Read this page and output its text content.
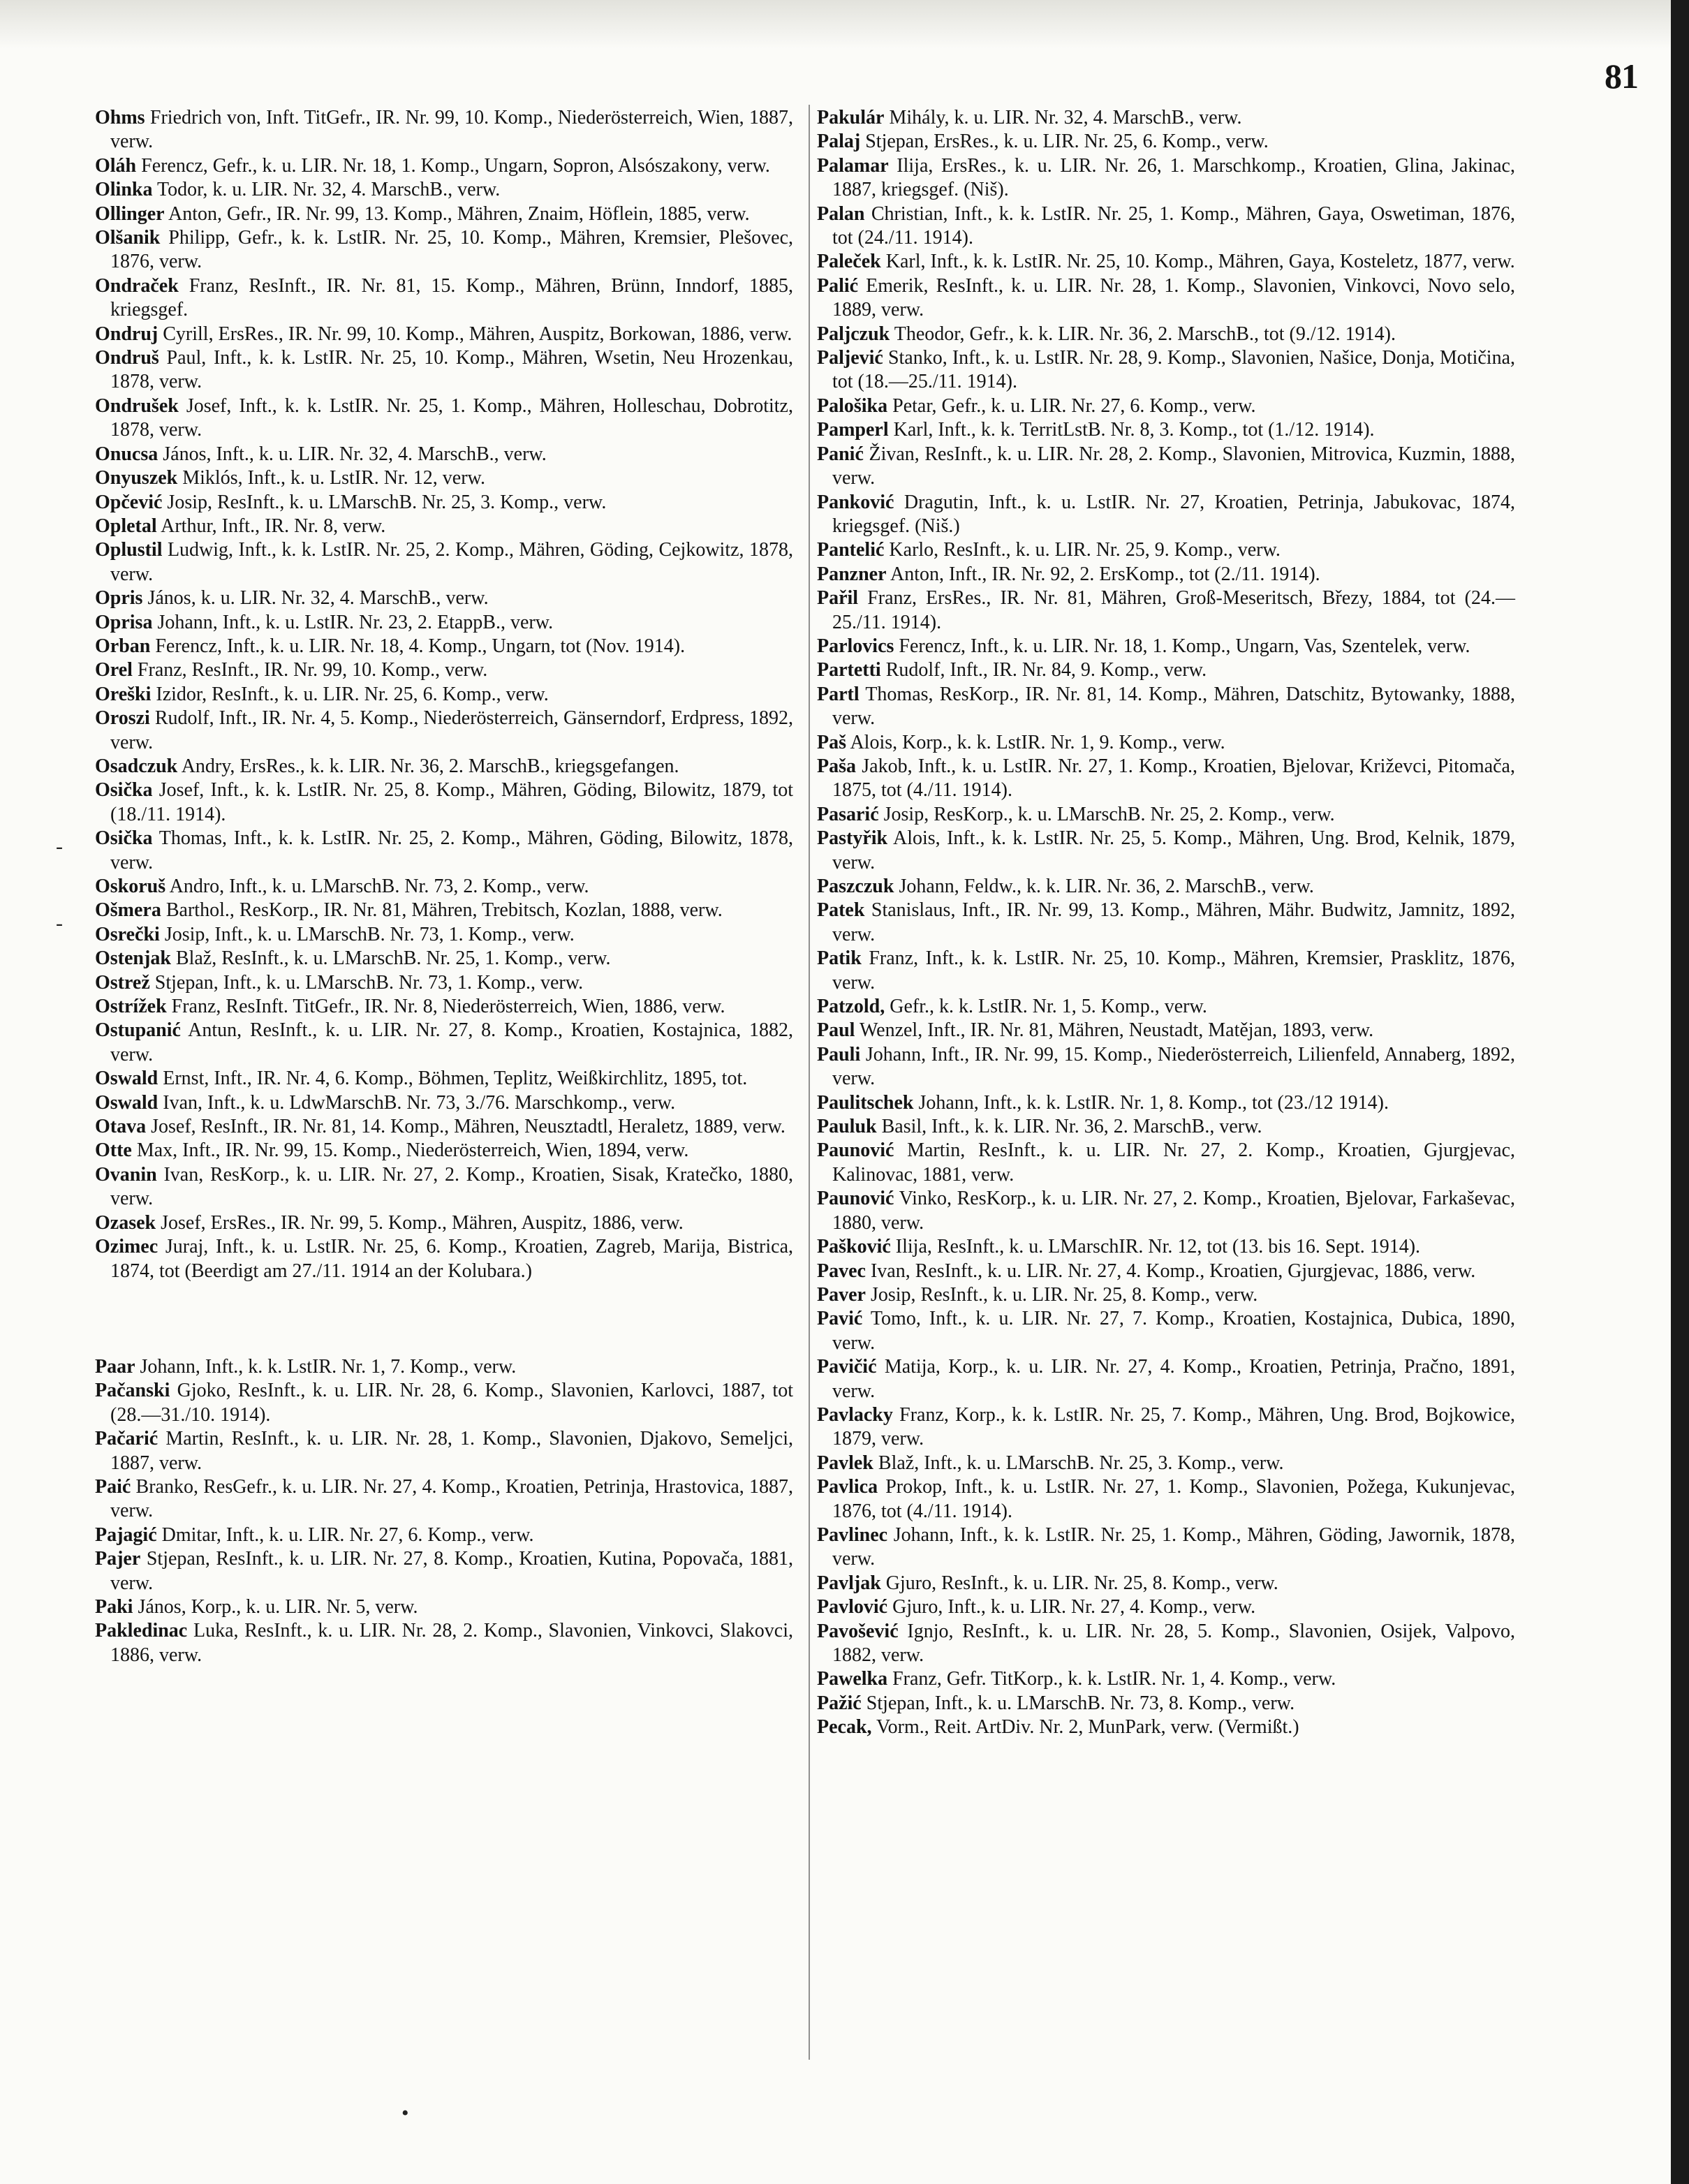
81
-
-
•
Ohms Friedrich von, Inft. TitGefr., IR. Nr. 99, 10. Komp., Niederösterreich, Wien, 1887, verw.
Oláh Ferencz, Gefr., k. u. LIR. Nr. 18, 1. Komp., Ungarn, Sopron, Alsószakony, verw.
Olinka Todor, k. u. LIR. Nr. 32, 4. MarschB., verw.
Ollinger Anton, Gefr., IR. Nr. 99, 13. Komp., Mähren, Znaim, Höflein, 1885, verw.
Olšanik Philipp, Gefr., k. k. LstIR. Nr. 25, 10. Komp., Mähren, Kremsier, Plešovec, 1876, verw.
Ondraček Franz, ResInft., IR. Nr. 81, 15. Komp., Mähren, Brünn, Inndorf, 1885, kriegsgef.
Ondruj Cyrill, ErsRes., IR. Nr. 99, 10. Komp., Mähren, Auspitz, Borkowan, 1886, verw.
Ondruš Paul, Inft., k. k. LstIR. Nr. 25, 10. Komp., Mähren, Wsetin, Neu Hrozenkau, 1878, verw.
Ondrušek Josef, Inft., k. k. LstIR. Nr. 25, 1. Komp., Mähren, Holleschau, Dobrotitz, 1878, verw.
Onucsa János, Inft., k. u. LIR. Nr. 32, 4. MarschB., verw.
Onyuszek Miklós, Inft., k. u. LstIR. Nr. 12, verw.
Opčević Josip, ResInft., k. u. LMarschB. Nr. 25, 3. Komp., verw.
Opletal Arthur, Inft., IR. Nr. 8, verw.
Oplustil Ludwig, Inft., k. k. LstIR. Nr. 25, 2. Komp., Mähren, Göding, Cejkowitz, 1878, verw.
Opris János, k. u. LIR. Nr. 32, 4. MarschB., verw.
Oprisa Johann, Inft., k. u. LstIR. Nr. 23, 2. EtappB., verw.
Orban Ferencz, Inft., k. u. LIR. Nr. 18, 4. Komp., Ungarn, tot (Nov. 1914).
Orel Franz, ResInft., IR. Nr. 99, 10. Komp., verw.
Oreški Izidor, ResInft., k. u. LIR. Nr. 25, 6. Komp., verw.
Oroszi Rudolf, Inft., IR. Nr. 4, 5. Komp., Niederösterreich, Gänserndorf, Erdpress, 1892, verw.
Osadczuk Andry, ErsRes., k. k. LIR. Nr. 36, 2. MarschB., kriegsgefangen.
Osička Josef, Inft., k. k. LstIR. Nr. 25, 8. Komp., Mähren, Göding, Bilowitz, 1879, tot (18./11. 1914).
Osička Thomas, Inft., k. k. LstIR. Nr. 25, 2. Komp., Mähren, Göding, Bilowitz, 1878, verw.
Oskoruš Andro, Inft., k. u. LMarschB. Nr. 73, 2. Komp., verw.
Ošmera Barthol., ResKorp., IR. Nr. 81, Mähren, Trebitsch, Kozlan, 1888, verw.
Osrečki Josip, Inft., k. u. LMarschB. Nr. 73, 1. Komp., verw.
Ostenjak Blaž, ResInft., k. u. LMarschB. Nr. 25, 1. Komp., verw.
Ostrež Stjepan, Inft., k. u. LMarschB. Nr. 73, 1. Komp., verw.
Ostrížek Franz, ResInft. TitGefr., IR. Nr. 8, Niederösterreich, Wien, 1886, verw.
Ostupanić Antun, ResInft., k. u. LIR. Nr. 27, 8. Komp., Kroatien, Kostajnica, 1882, verw.
Oswald Ernst, Inft., IR. Nr. 4, 6. Komp., Böhmen, Teplitz, Weißkirchlitz, 1895, tot.
Oswald Ivan, Inft., k. u. LdwMarschB. Nr. 73, 3./76. Marschkomp., verw.
Otava Josef, ResInft., IR. Nr. 81, 14. Komp., Mähren, Neusztadtl, Heraletz, 1889, verw.
Otte Max, Inft., IR. Nr. 99, 15. Komp., Niederösterreich, Wien, 1894, verw.
Ovanin Ivan, ResKorp., k. u. LIR. Nr. 27, 2. Komp., Kroatien, Sisak, Kratečko, 1880, verw.
Ozasek Josef, ErsRes., IR. Nr. 99, 5. Komp., Mähren, Auspitz, 1886, verw.
Ozimec Juraj, Inft., k. u. LstIR. Nr. 25, 6. Komp., Kroatien, Zagreb, Marija, Bistrica, 1874, tot (Beerdigt am 27./11. 1914 an der Kolubara.)
Paar Johann, Inft., k. k. LstIR. Nr. 1, 7. Komp., verw.
Pačanski Gjoko, ResInft., k. u. LIR. Nr. 28, 6. Komp., Slavonien, Karlovci, 1887, tot (28.—31./10. 1914).
Pačarić Martin, ResInft., k. u. LIR. Nr. 28, 1. Komp., Slavonien, Djakovo, Semeljci, 1887, verw.
Paić Branko, ResGefr., k. u. LIR. Nr. 27, 4. Komp., Kroatien, Petrinja, Hrastovica, 1887, verw.
Pajagić Dmitar, Inft., k. u. LIR. Nr. 27, 6. Komp., verw.
Pajer Stjepan, ResInft., k. u. LIR. Nr. 27, 8. Komp., Kroatien, Kutina, Popovača, 1881, verw.
Paki János, Korp., k. u. LIR. Nr. 5, verw.
Pakledinac Luka, ResInft., k. u. LIR. Nr. 28, 2. Komp., Slavonien, Vinkovci, Slakovci, 1886, verw.
Pakulár Mihály, k. u. LIR. Nr. 32, 4. MarschB., verw.
Palaj Stjepan, ErsRes., k. u. LIR. Nr. 25, 6. Komp., verw.
Palamar Ilija, ErsRes., k. u. LIR. Nr. 26, 1. Marschkomp., Kroatien, Glina, Jakinac, 1887, kriegsgef. (Niš).
Palan Christian, Inft., k. k. LstIR. Nr. 25, 1. Komp., Mähren, Gaya, Oswetiman, 1876, tot (24./11. 1914).
Paleček Karl, Inft., k. k. LstIR. Nr. 25, 10. Komp., Mähren, Gaya, Kosteletz, 1877, verw.
Palić Emerik, ResInft., k. u. LIR. Nr. 28, 1. Komp., Slavonien, Vinkovci, Novo selo, 1889, verw.
Paljczuk Theodor, Gefr., k. k. LIR. Nr. 36, 2. MarschB., tot (9./12. 1914).
Paljević Stanko, Inft., k. u. LstIR. Nr. 28, 9. Komp., Slavonien, Našice, Donja, Motičina, tot (18.—25./11. 1914).
Palošika Petar, Gefr., k. u. LIR. Nr. 27, 6. Komp., verw.
Pamperl Karl, Inft., k. k. TerritLstB. Nr. 8, 3. Komp., tot (1./12. 1914).
Panić Živan, ResInft., k. u. LIR. Nr. 28, 2. Komp., Slavonien, Mitrovica, Kuzmin, 1888, verw.
Panković Dragutin, Inft., k. u. LstIR. Nr. 27, Kroatien, Petrinja, Jabukovac, 1874, kriegsgef. (Niš.)
Pantelić Karlo, ResInft., k. u. LIR. Nr. 25, 9. Komp., verw.
Panzner Anton, Inft., IR. Nr. 92, 2. ErsKomp., tot (2./11. 1914).
Pařil Franz, ErsRes., IR. Nr. 81, Mähren, Groß-Meseritsch, Březy, 1884, tot (24.—25./11. 1914).
Parlovics Ferencz, Inft., k. u. LIR. Nr. 18, 1. Komp., Ungarn, Vas, Szentelek, verw.
Partetti Rudolf, Inft., IR. Nr. 84, 9. Komp., verw.
Partl Thomas, ResKorp., IR. Nr. 81, 14. Komp., Mähren, Datschitz, Bytowanky, 1888, verw.
Paš Alois, Korp., k. k. LstIR. Nr. 1, 9. Komp., verw.
Paša Jakob, Inft., k. u. LstIR. Nr. 27, 1. Komp., Kroatien, Bjelovar, Križevci, Pitomača, 1875, tot (4./11. 1914).
Pasarić Josip, ResKorp., k. u. LMarschB. Nr. 25, 2. Komp., verw.
Pastyřik Alois, Inft., k. k. LstIR. Nr. 25, 5. Komp., Mähren, Ung. Brod, Kelnik, 1879, verw.
Paszczuk Johann, Feldw., k. k. LIR. Nr. 36, 2. MarschB., verw.
Patek Stanislaus, Inft., IR. Nr. 99, 13. Komp., Mähren, Mähr. Budwitz, Jamnitz, 1892, verw.
Patik Franz, Inft., k. k. LstIR. Nr. 25, 10. Komp., Mähren, Kremsier, Prasklitz, 1876, verw.
Patzold, Gefr., k. k. LstIR. Nr. 1, 5. Komp., verw.
Paul Wenzel, Inft., IR. Nr. 81, Mähren, Neustadt, Matějan, 1893, verw.
Pauli Johann, Inft., IR. Nr. 99, 15. Komp., Niederösterreich, Lilienfeld, Annaberg, 1892, verw.
Paulitschek Johann, Inft., k. k. LstIR. Nr. 1, 8. Komp., tot (23./12 1914).
Pauluk Basil, Inft., k. k. LIR. Nr. 36, 2. MarschB., verw.
Paunović Martin, ResInft., k. u. LIR. Nr. 27, 2. Komp., Kroatien, Gjurgjevac, Kalinovac, 1881, verw.
Paunović Vinko, ResKorp., k. u. LIR. Nr. 27, 2. Komp., Kroatien, Bjelovar, Farkaševac, 1880, verw.
Pašković Ilija, ResInft., k. u. LMarschIR. Nr. 12, tot (13. bis 16. Sept. 1914).
Pavec Ivan, ResInft., k. u. LIR. Nr. 27, 4. Komp., Kroatien, Gjurgjevac, 1886, verw.
Paver Josip, ResInft., k. u. LIR. Nr. 25, 8. Komp., verw.
Pavić Tomo, Inft., k. u. LIR. Nr. 27, 7. Komp., Kroatien, Kostajnica, Dubica, 1890, verw.
Pavičić Matija, Korp., k. u. LIR. Nr. 27, 4. Komp., Kroatien, Petrinja, Pračno, 1891, verw.
Pavlacky Franz, Korp., k. k. LstIR. Nr. 25, 7. Komp., Mähren, Ung. Brod, Bojkowice, 1879, verw.
Pavlek Blaž, Inft., k. u. LMarschB. Nr. 25, 3. Komp., verw.
Pavlica Prokop, Inft., k. u. LstIR. Nr. 27, 1. Komp., Slavonien, Požega, Kukunjevac, 1876, tot (4./11. 1914).
Pavlinec Johann, Inft., k. k. LstIR. Nr. 25, 1. Komp., Mähren, Göding, Jawornik, 1878, verw.
Pavljak Gjuro, ResInft., k. u. LIR. Nr. 25, 8. Komp., verw.
Pavlović Gjuro, Inft., k. u. LIR. Nr. 27, 4. Komp., verw.
Pavošević Ignjo, ResInft., k. u. LIR. Nr. 28, 5. Komp., Slavonien, Osijek, Valpovo, 1882, verw.
Pawelka Franz, Gefr. TitKorp., k. k. LstIR. Nr. 1, 4. Komp., verw.
Pažić Stjepan, Inft., k. u. LMarschB. Nr. 73, 8. Komp., verw.
Pecak, Vorm., Reit. ArtDiv. Nr. 2, MunPark, verw. (Vermißt.)
